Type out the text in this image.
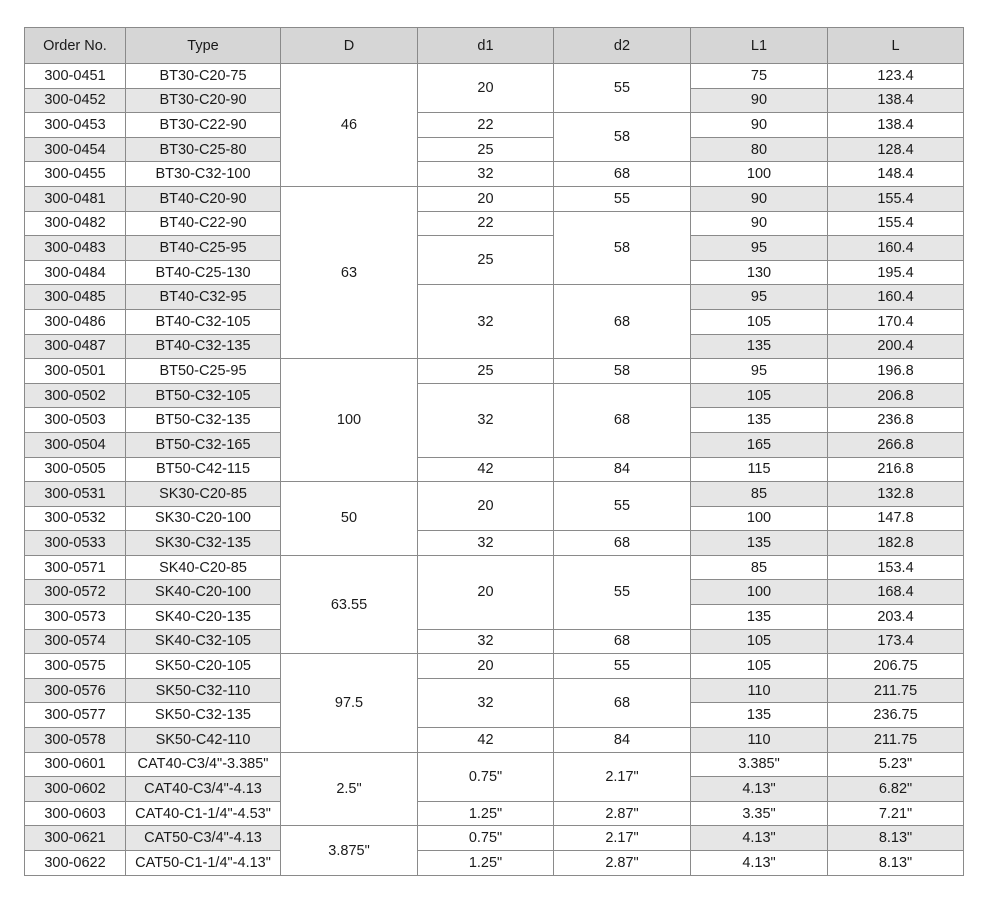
Order No.	Type	D	d1	d2	L1	L
300-0451	BT30-C20-75	46	20	55	75	123.4
300-0452	BT30-C20-90				90	138.4
300-0453	BT30-C22-90		22	58	90	138.4
300-0454	BT30-C25-80		25		80	128.4
300-0455	BT30-C32-100		32	68	100	148.4
300-0481	BT40-C20-90	63	20	55	90	155.4
300-0482	BT40-C22-90		22	58	90	155.4
300-0483	BT40-C25-95		25		95	160.4
300-0484	BT40-C25-130				130	195.4
300-0485	BT40-C32-95		32	68	95	160.4
300-0486	BT40-C32-105				105	170.4
300-0487	BT40-C32-135				135	200.4
300-0501	BT50-C25-95	100	25	58	95	196.8
300-0502	BT50-C32-105		32	68	105	206.8
300-0503	BT50-C32-135				135	236.8
300-0504	BT50-C32-165				165	266.8
300-0505	BT50-C42-115		42	84	115	216.8
300-0531	SK30-C20-85	50	20	55	85	132.8
300-0532	SK30-C20-100				100	147.8
300-0533	SK30-C32-135		32	68	135	182.8
300-0571	SK40-C20-85	63.55	20	55	85	153.4
300-0572	SK40-C20-100				100	168.4
300-0573	SK40-C20-135				135	203.4
300-0574	SK40-C32-105		32	68	105	173.4
300-0575	SK50-C20-105	97.5	20	55	105	206.75
300-0576	SK50-C32-110		32	68	110	211.75
300-0577	SK50-C32-135				135	236.75
300-0578	SK50-C42-110		42	84	110	211.75
300-0601	CAT40-C3/4"-3.385"	2.5"	0.75"	2.17"	3.385"	5.23"
300-0602	CAT40-C3/4"-4.13				4.13"	6.82"
300-0603	CAT40-C1-1/4"-4.53"		1.25"	2.87"	3.35"	7.21"
300-0621	CAT50-C3/4"-4.13	3.875"	0.75"	2.17"	4.13"	8.13"
300-0622	CAT50-C1-1/4"-4.13"		1.25"	2.87"	4.13"	8.13"
